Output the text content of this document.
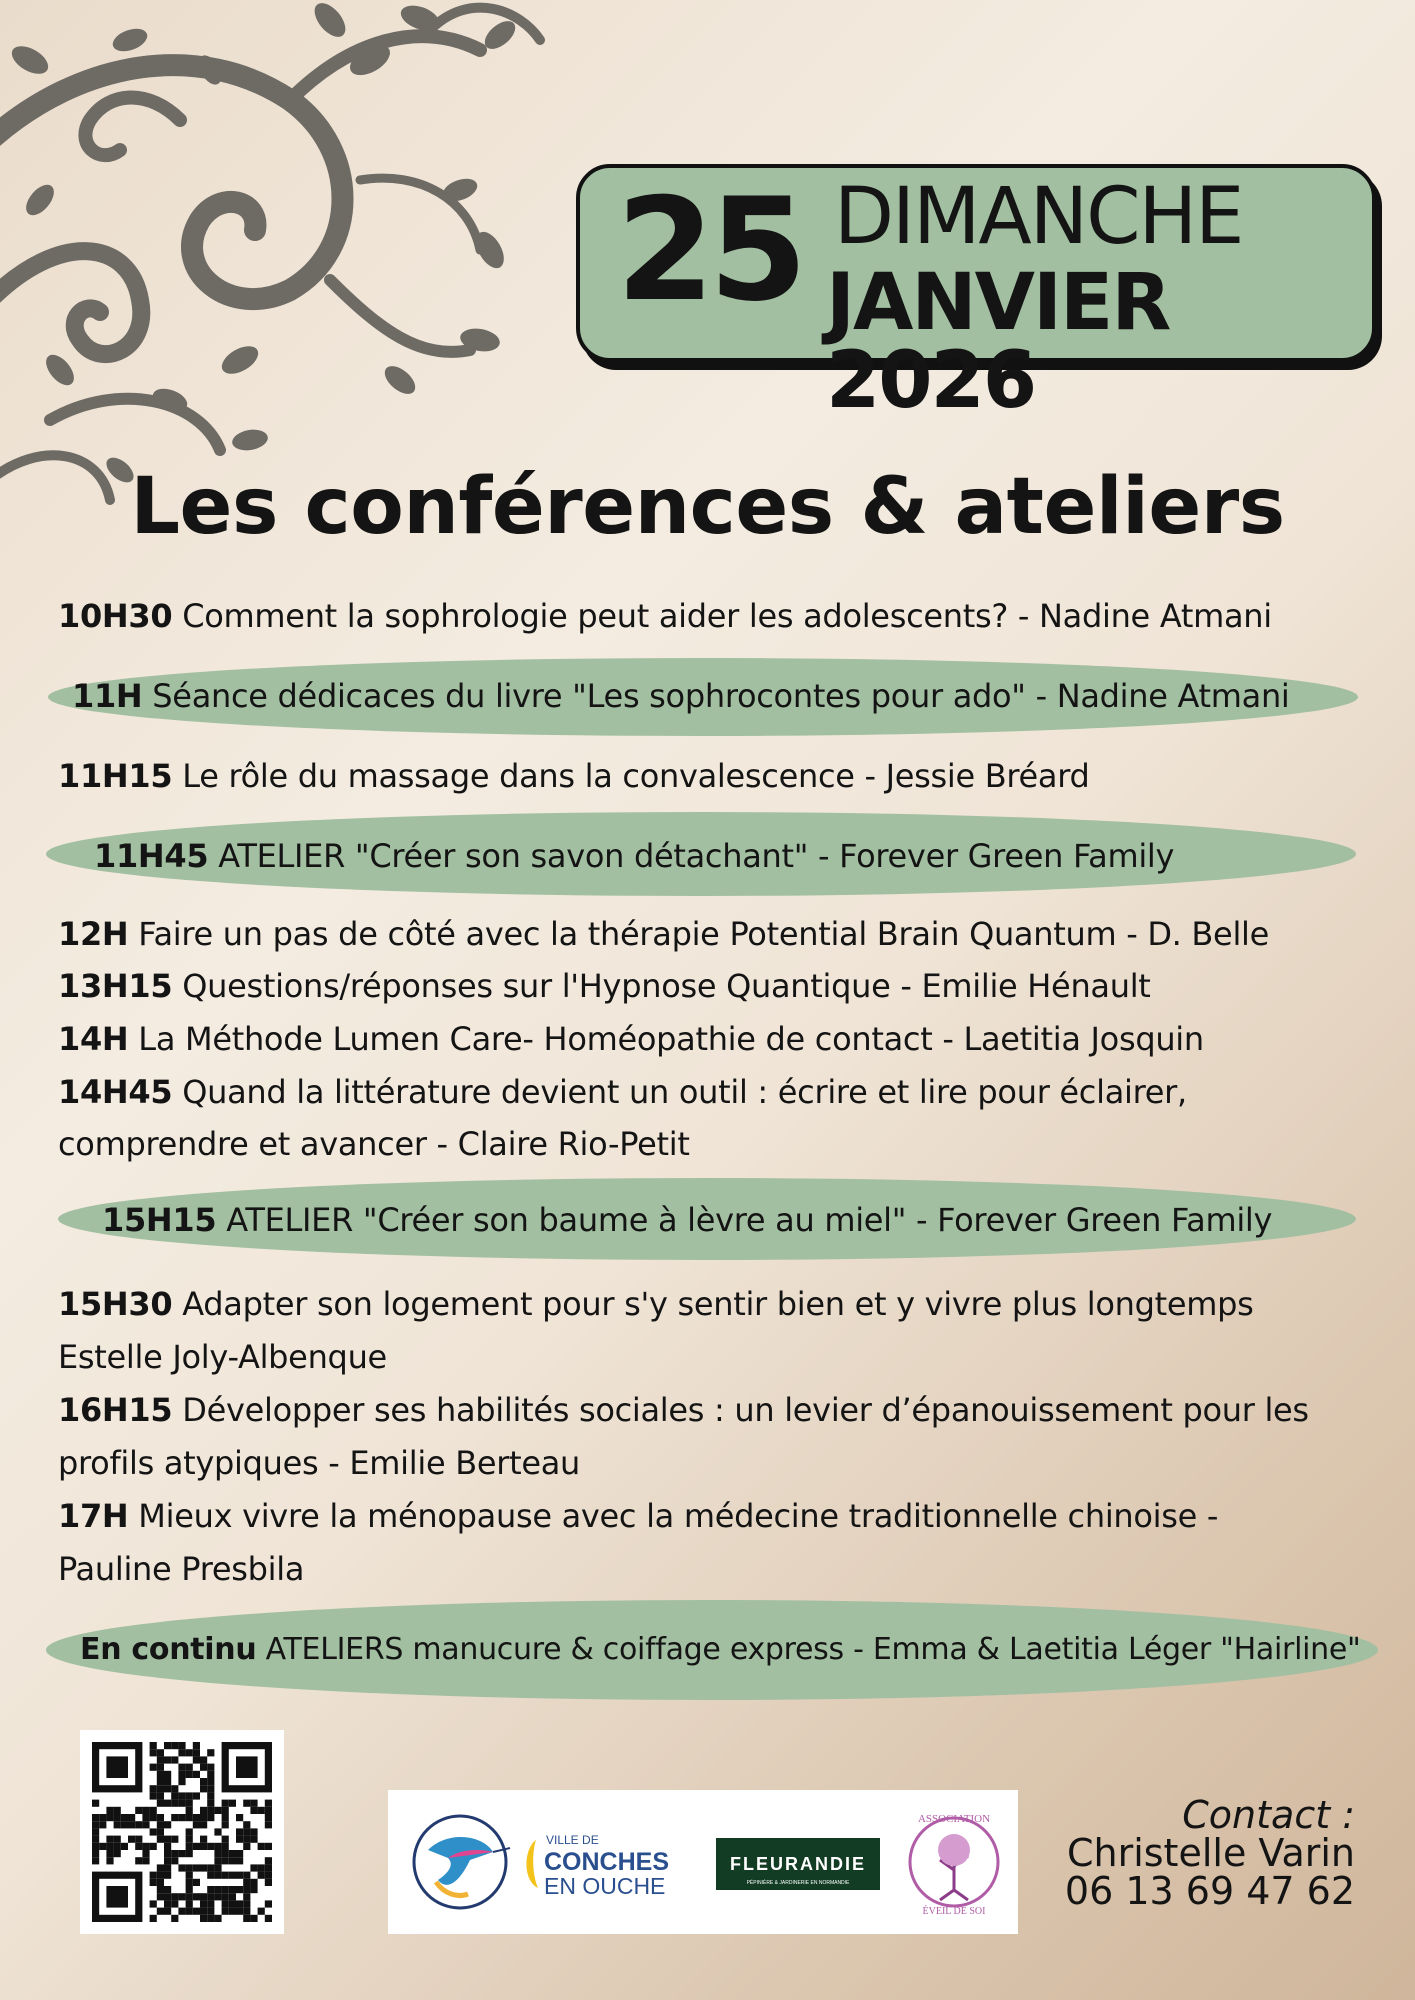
25 DIMANCHE
JANVIER 2026
Les conférences & ateliers
10H30 Comment la sophrologie peut aider les adolescents? - Nadine Atmani
11H Séance dédicaces du livre "Les sophrocontes pour ado" - Nadine Atmani
11H15 Le rôle du massage dans la convalescence - Jessie Bréard
11H45 ATELIER "Créer son savon détachant" - Forever Green Family
12H Faire un pas de côté avec la thérapie Potential Brain Quantum - D. Belle
13H15 Questions/réponses sur l'Hypnose Quantique - Emilie Hénault
14H La Méthode Lumen Care- Homéopathie de contact - Laetitia Josquin
14H45 Quand la littérature devient un outil : écrire et lire pour éclairer,
comprendre et avancer - Claire Rio-Petit
15H15 ATELIER "Créer son baume à lèvre au miel" - Forever Green Family
15H30 Adapter son logement pour s'y sentir bien et y vivre plus longtemps
Estelle Joly-Albenque
16H15 Développer ses habilités sociales : un levier d’épanouissement pour les
profils atypiques - Emilie Berteau
17H Mieux vivre la ménopause avec la médecine traditionnelle chinoise -
Pauline Presbila
En continu ATELIERS manucure & coiffage express - Emma & Laetitia Léger "Hairline"
VILLE DE
CONCHES
EN OUCHE
FLEURANDIE
PÉPINIÈRE & JARDINERIE EN NORMANDIE
ASSOCIATION
ÉVEIL DE SOI
Contact :
Christelle Varin
06 13 69 47 62
